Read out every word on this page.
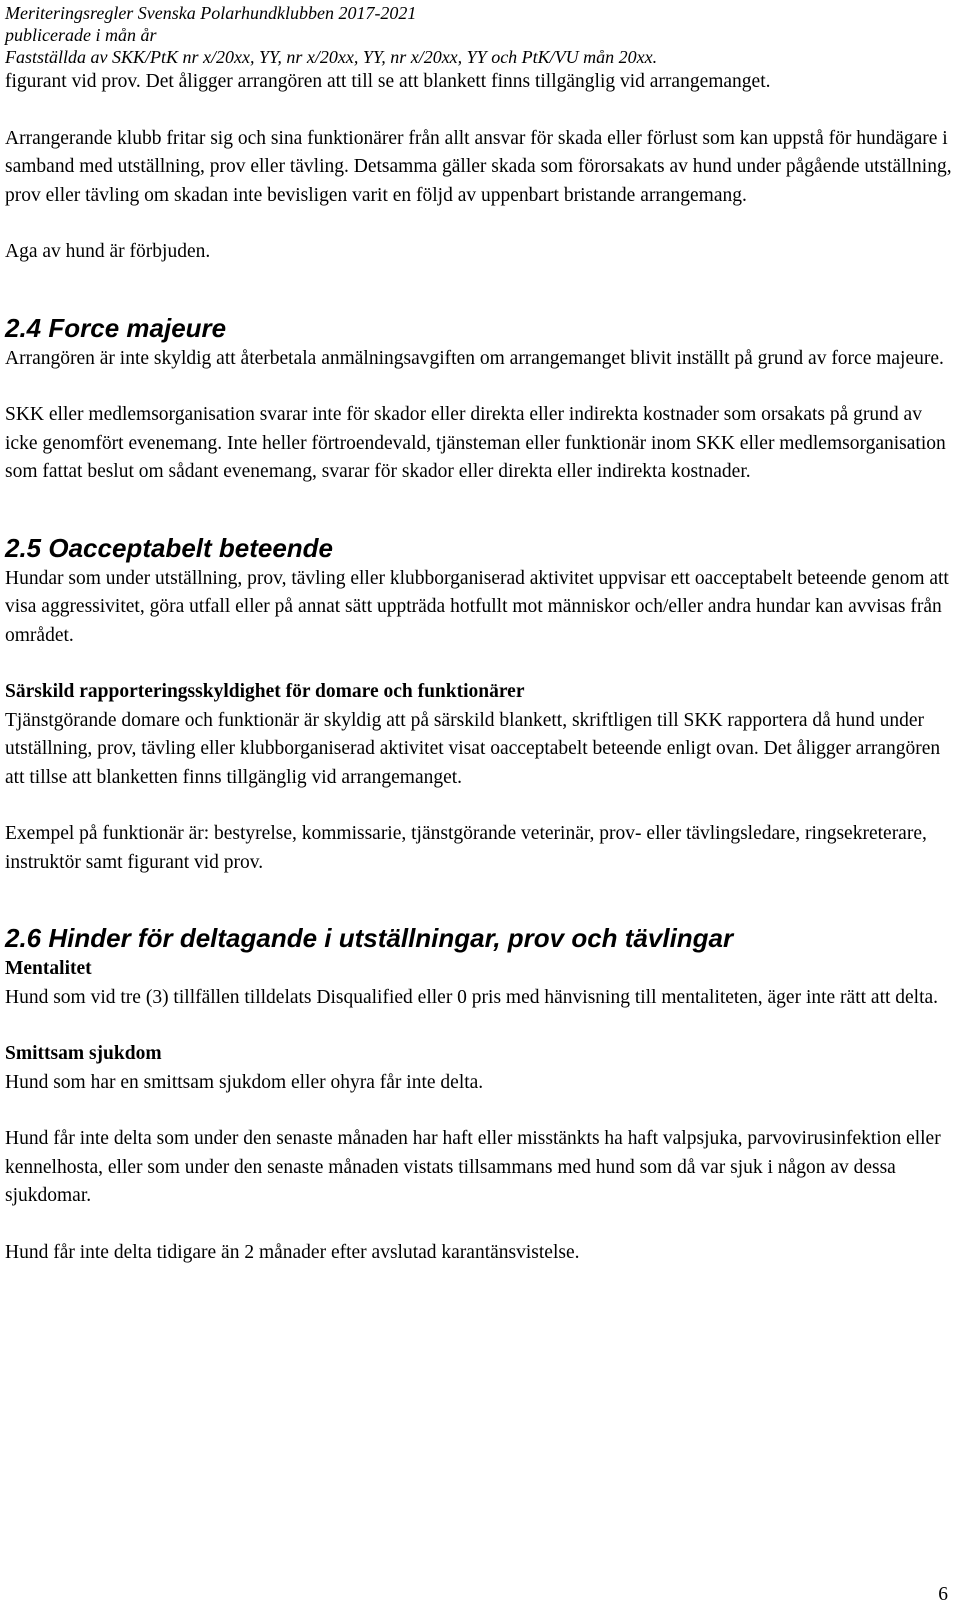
Meriteringsregler Svenska Polarhundklubben 2017-2021

publicerade i mån år

Fastställda av SKK/PtK nr x/20xx, YY, nr x/20xx, YY, nr x/20xx, YY och PtK/VU mån 20xx.

figurant vid prov. Det åligger arrangören att till se att blankett finns tillgänglig vid arrangemanget.

Arrangerande klubb fritar sig och sina funktionärer från allt ansvar för skada eller förlust som kan uppstå för hundägare i samband med utställning, prov eller tävling. Detsamma gäller skada som förorsakats av hund under pågående utställning, prov eller tävling om skadan inte bevisligen varit en följd av uppenbart bristande arrangemang.

Aga av hund är förbjuden.

2.4 Force majeure

Arrangören är inte skyldig att återbetala anmälningsavgiften om arrangemanget blivit inställt på grund av force majeure.

SKK eller medlemsorganisation svarar inte för skador eller direkta eller indirekta kostnader som orsakats på grund av icke genomfört evenemang. Inte heller förtroendevald, tjänsteman eller funktionär inom SKK eller medlemsorganisation som fattat beslut om sådant evenemang, svarar för skador eller direkta eller indirekta kostnader.

2.5 Oacceptabelt beteende

Hundar som under utställning, prov, tävling eller klubborganiserad aktivitet uppvisar ett oacceptabelt beteende genom att visa aggressivitet, göra utfall eller på annat sätt uppträda hotfullt mot människor och/eller andra hundar kan avvisas från området.

Särskild rapporteringsskyldighet för domare och funktionärer

Tjänstgörande domare och funktionär är skyldig att på särskild blankett, skriftligen till SKK rapportera då hund under utställning, prov, tävling eller klubborganiserad aktivitet visat oacceptabelt beteende enligt ovan. Det åligger arrangören att tillse att blanketten finns tillgänglig vid arrangemanget.

Exempel på funktionär är: bestyrelse, kommissarie, tjänstgörande veterinär, prov- eller tävlingsledare, ringsekreterare, instruktör samt figurant vid prov.

2.6 Hinder för deltagande i utställningar, prov och tävlingar

Mentalitet

Hund som vid tre (3) tillfällen tilldelats Disqualified eller 0 pris med hänvisning till mentaliteten, äger inte rätt att delta.

Smittsam sjukdom

Hund som har en smittsam sjukdom eller ohyra får inte delta.

Hund får inte delta som under den senaste månaden har haft eller misstänkts ha haft valpsjuka, parvovirusinfektion eller kennelhosta, eller som under den senaste månaden vistats tillsammans med hund som då var sjuk i någon av dessa sjukdomar.

Hund får inte delta tidigare än 2 månader efter avslutad karantänsvistelse.

6
